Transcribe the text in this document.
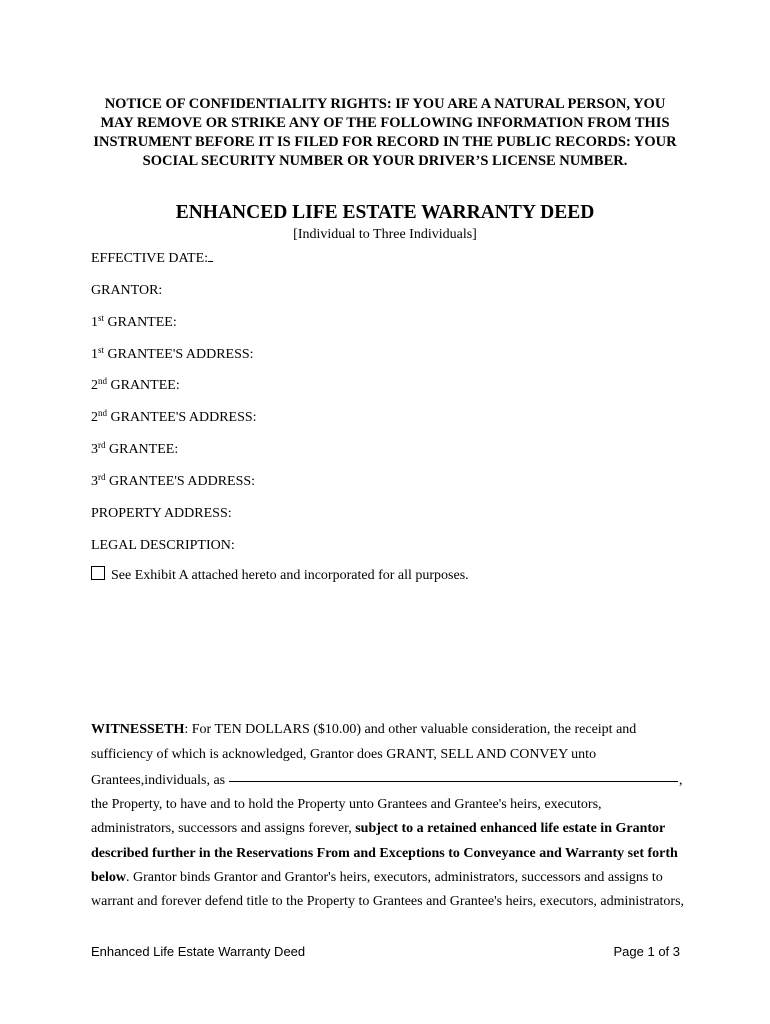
NOTICE OF CONFIDENTIALITY RIGHTS: IF YOU ARE A NATURAL PERSON, YOU MAY REMOVE OR STRIKE ANY OF THE FOLLOWING INFORMATION FROM THIS INSTRUMENT BEFORE IT IS FILED FOR RECORD IN THE PUBLIC RECORDS: YOUR SOCIAL SECURITY NUMBER OR YOUR DRIVER’S LICENSE NUMBER.
ENHANCED LIFE ESTATE WARRANTY DEED
[Individual to Three Individuals]
EFFECTIVE DATE:
GRANTOR:
1st GRANTEE:
1st GRANTEE'S ADDRESS:
2nd GRANTEE:
2nd GRANTEE'S ADDRESS:
3rd GRANTEE:
3rd GRANTEE'S ADDRESS:
PROPERTY ADDRESS:
LEGAL DESCRIPTION:
See Exhibit A attached hereto and incorporated for all purposes.
WITNESSETH: For TEN DOLLARS ($10.00) and other valuable consideration, the receipt and
sufficiency of which is acknowledged, Grantor does GRANT, SELL AND CONVEY unto
Grantees,individuals, as	,
the Property, to have and to hold the Property unto Grantees and Grantee's heirs, executors,
administrators, successors and assigns forever, subject to a retained enhanced life estate in Grantor
described further in the Reservations From and Exceptions to Conveyance and Warranty set forth
below. Grantor binds Grantor and Grantor's heirs, executors, administrators, successors and assigns to
warrant and forever defend title to the Property to Grantees and Grantee's heirs, executors, administrators,
Enhanced Life Estate Warranty Deed	Page 1 of 3
